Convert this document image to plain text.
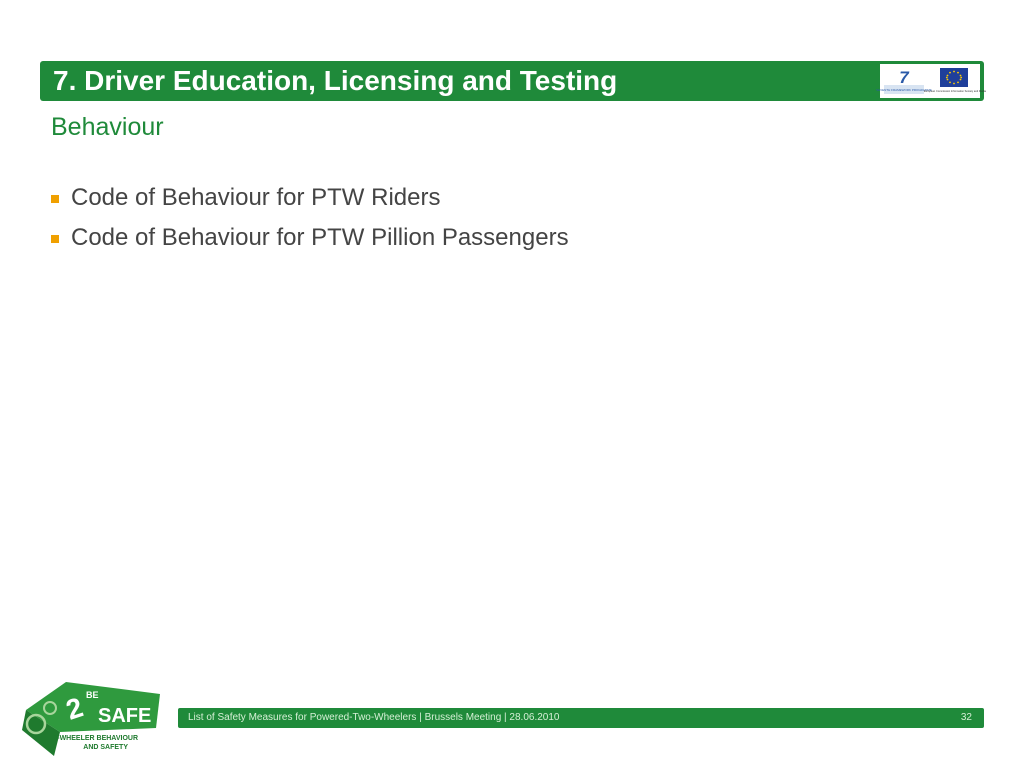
7. Driver Education, Licensing and Testing	7
SEVENTH FRAMEWORK PROGRAMME
European Commission Information Society and Media
Behaviour
Code of Behaviour for PTW Riders
Code of Behaviour for PTW Pillion Passengers
2 BE
SAFE
2-WHEELER BEHAVIOUR
AND SAFETY
List of Safety Measures for Powered-Two-Wheelers | Brussels Meeting | 28.06.2010	32
